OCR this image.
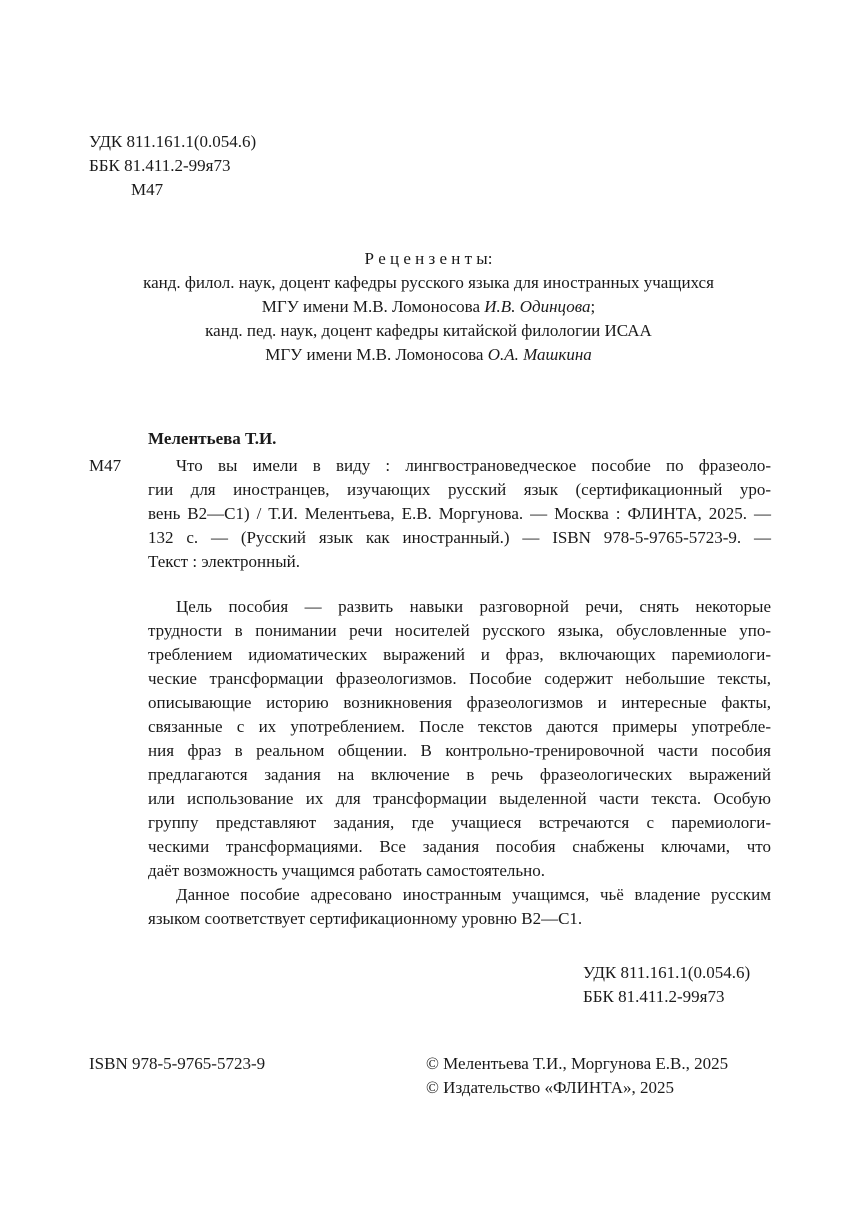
УДК 811.161.1(0.054.6)
ББК 81.411.2-99я73
М47
Р е ц е н з е н т ы:
канд. филол. наук, доцент кафедры русского языка для иностранных учащихся
МГУ имени М.В. Ломоносова И.В. Одинцова;
канд. пед. наук, доцент кафедры китайской филологии ИСАА
МГУ имени М.В. Ломоносова О.А. Машкина
Мелентьева Т.И.
М47	Что вы имели в виду : лингвострановедческое пособие по фразеоло-
гии для иностранцев, изучающих русский язык (сертификационный уро-
вень В2—С1) / Т.И. Мелентьева, Е.В. Моргунова. — Москва : ФЛИНТА, 2025. —
132 с. — (Русский язык как иностранный.) — ISBN 978-5-9765-5723-9. —
Текст : электронный.
Цель пособия — развить навыки разговорной речи, снять некоторые
трудности в понимании речи носителей русского языка, обусловленные упо-
треблением идиоматических выражений и фраз, включающих паремиологи-
ческие трансформации фразеологизмов. Пособие содержит небольшие тексты,
описывающие историю возникновения фразеологизмов и интересные факты,
связанные с их употреблением. После текстов даются примеры употребле-
ния фраз в реальном общении. В контрольно-тренировочной части пособия
предлагаются задания на включение в речь фразеологических выражений
или использование их для трансформации выделенной части текста. Особую
группу представляют задания, где учащиеся встречаются с паремиологи-
ческими трансформациями. Все задания пособия снабжены ключами, что
даёт возможность учащимся работать самостоятельно.
Данное пособие адресовано иностранным учащимся, чьё владение русским
языком соответствует сертификационному уровню В2—С1.
УДК 811.161.1(0.054.6)
ББК 81.411.2-99я73
ISBN 978-5-9765-5723-9	© Мелентьева Т.И., Моргунова Е.В., 2025
© Издательство «ФЛИНТА», 2025
